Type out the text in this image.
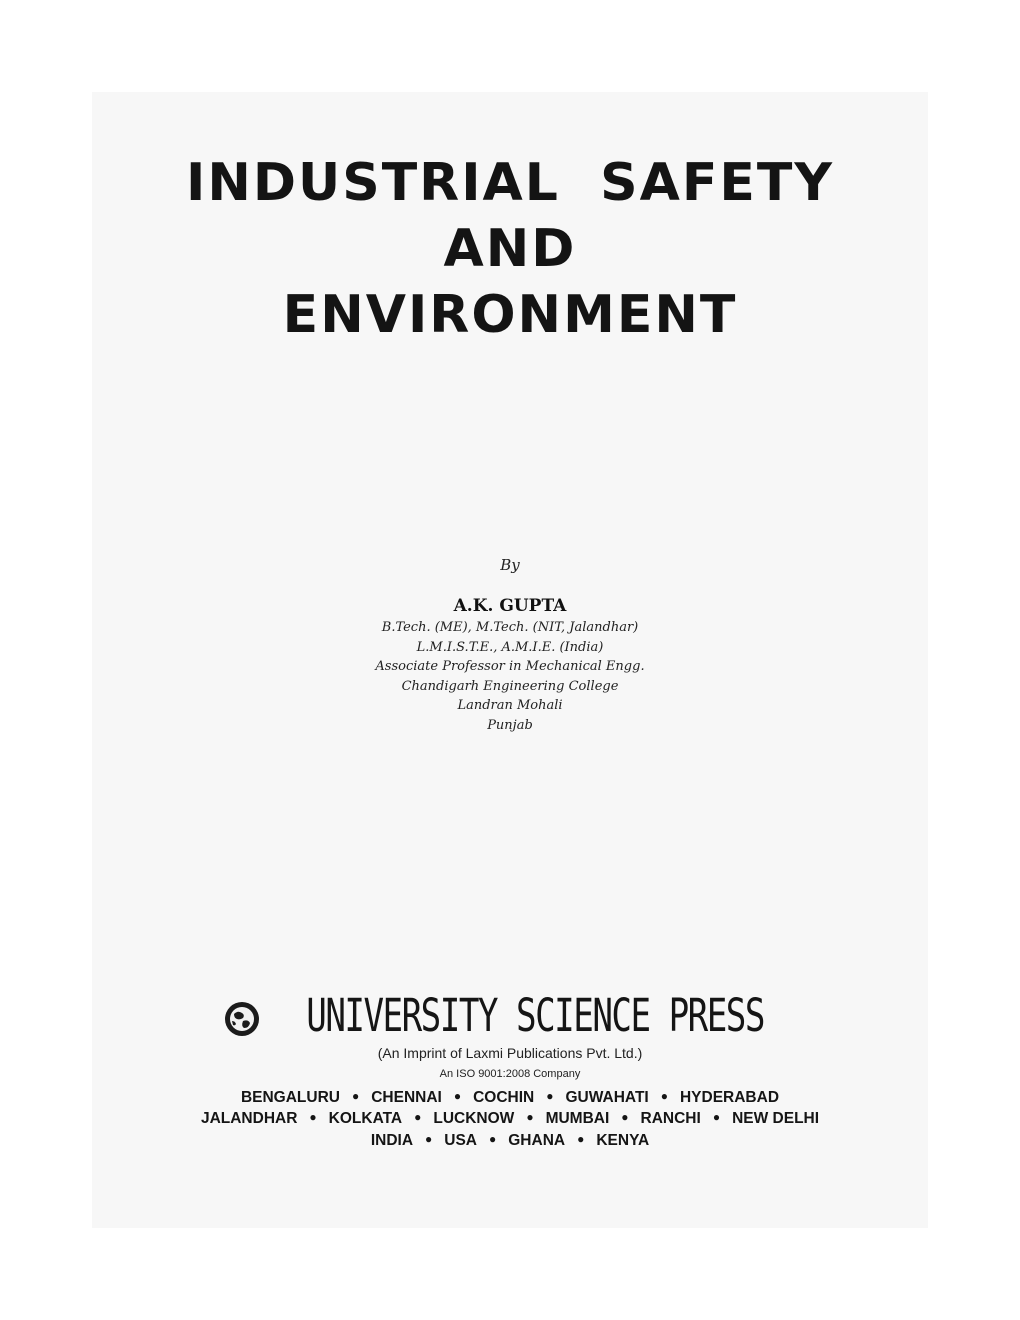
INDUSTRIAL  SAFETY
AND
ENVIRONMENT
By
A.K. GUPTA
B.Tech. (ME), M.Tech. (NIT, Jalandhar)
L.M.I.S.T.E., A.M.I.E. (India)
Associate Professor in Mechanical Engg.
Chandigarh Engineering College
Landran Mohali
Punjab
UNIVERSITY SCIENCE PRESS
(An Imprint of Laxmi Publications Pvt. Ltd.)
An ISO 9001:2008 Company
BENGALURU ● CHENNAI ● COCHIN ● GUWAHATI ● HYDERABAD
JALANDHAR ● KOLKATA ● LUCKNOW ● MUMBAI ● RANCHI ● NEW DELHI
INDIA ● USA ● GHANA ● KENYA
